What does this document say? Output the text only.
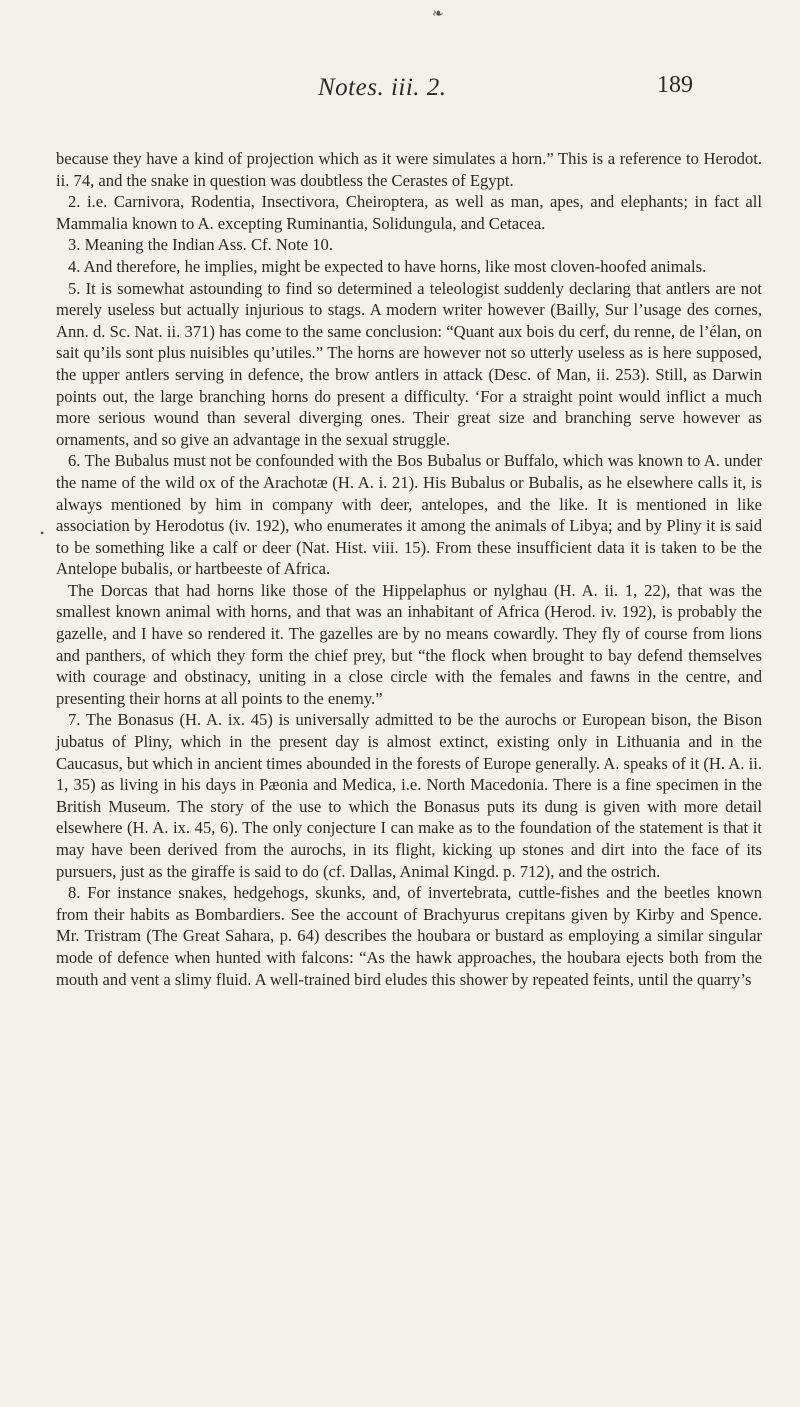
❧
Notes. iii. 2.	189
•

because they have a kind of projection which as it were simulates a horn.” This is a reference to Herodot. ii. 74, and the snake in question was doubtless the Cerastes of Egypt.

2. i.e. Carnivora, Rodentia, Insectivora, Cheiroptera, as well as man, apes, and elephants; in fact all Mammalia known to A. excepting Ruminantia, Solidungula, and Cetacea.

3. Meaning the Indian Ass. Cf. Note 10.

4. And therefore, he implies, might be expected to have horns, like most cloven-hoofed animals.

5. It is somewhat astounding to find so determined a teleologist suddenly declaring that antlers are not merely useless but actually injurious to stags. A modern writer however (Bailly, Sur l’usage des cornes, Ann. d. Sc. Nat. ii. 371) has come to the same conclusion: “Quant aux bois du cerf, du renne, de l’élan, on sait qu’ils sont plus nuisibles qu’utiles.” The horns are however not so utterly useless as is here supposed, the upper antlers serving in defence, the brow antlers in attack (Desc. of Man, ii. 253). Still, as Darwin points out, the large branching horns do present a difficulty. ‘For a straight point would inflict a much more serious wound than several diverging ones. Their great size and branching serve however as ornaments, and so give an advantage in the sexual struggle.

6. The Bubalus must not be confounded with the Bos Bubalus or Buffalo, which was known to A. under the name of the wild ox of the Arachotæ (H. A. i. 21). His Bubalus or Bubalis, as he elsewhere calls it, is always mentioned by him in company with deer, antelopes, and the like. It is mentioned in like association by Herodotus (iv. 192), who enumerates it among the animals of Libya; and by Pliny it is said to be something like a calf or deer (Nat. Hist. viii. 15). From these insufficient data it is taken to be the Antelope bubalis, or hartbeeste of Africa.

The Dorcas that had horns like those of the Hippelaphus or nylghau (H. A. ii. 1, 22), that was the smallest known animal with horns, and that was an inhabitant of Africa (Herod. iv. 192), is probably the gazelle, and I have so rendered it. The gazelles are by no means cowardly. They fly of course from lions and panthers, of which they form the chief prey, but “the flock when brought to bay defend themselves with courage and obstinacy, uniting in a close circle with the females and fawns in the centre, and presenting their horns at all points to the enemy.”

7. The Bonasus (H. A. ix. 45) is universally admitted to be the aurochs or European bison, the Bison jubatus of Pliny, which in the present day is almost extinct, existing only in Lithuania and in the Caucasus, but which in ancient times abounded in the forests of Europe generally. A. speaks of it (H. A. ii. 1, 35) as living in his days in Pæonia and Medica, i.e. North Macedonia. There is a fine specimen in the British Museum. The story of the use to which the Bonasus puts its dung is given with more detail elsewhere (H. A. ix. 45, 6). The only conjecture I can make as to the foundation of the statement is that it may have been derived from the aurochs, in its flight, kicking up stones and dirt into the face of its pursuers, just as the giraffe is said to do (cf. Dallas, Animal Kingd. p. 712), and the ostrich.

8. For instance snakes, hedgehogs, skunks, and, of invertebrata, cuttle-fishes and the beetles known from their habits as Bombardiers. See the account of Brachyurus crepitans given by Kirby and Spence. Mr. Tristram (The Great Sahara, p. 64) describes the houbara or bustard as employing a similar singular mode of defence when hunted with falcons: “As the hawk approaches, the houbara ejects both from the mouth and vent a slimy fluid. A well-trained bird eludes this shower by repeated feints, until the quarry’s
